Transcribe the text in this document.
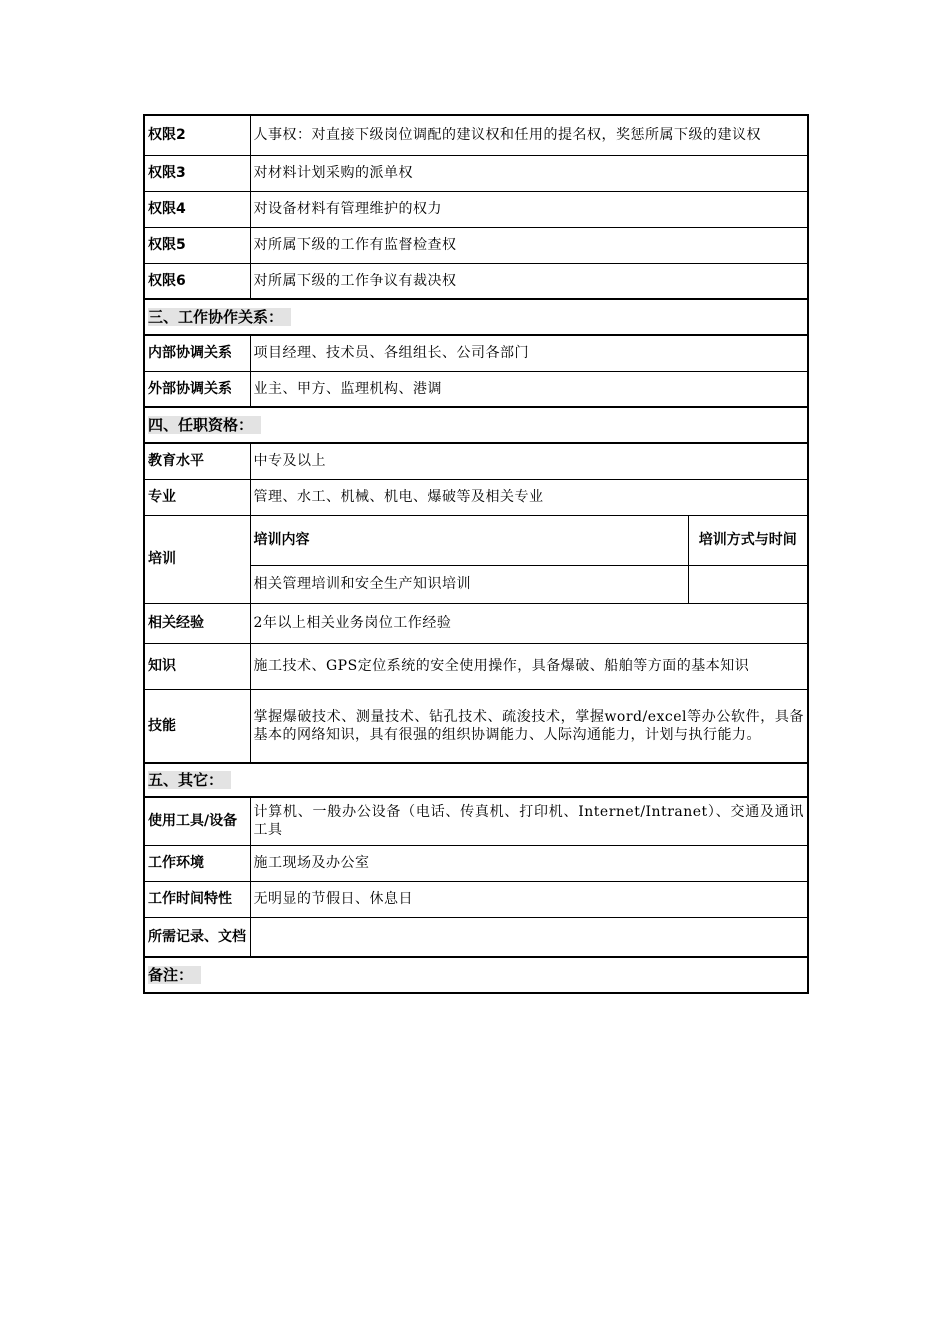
权限2	人事权：对直接下级岗位调配的建议权和任用的提名权，奖惩所属下级的建议权	
权限3	对材料计划采购的派单权	
权限4	对设备材料有管理维护的权力	
权限5	对所属下级的工作有监督检查权	
权限6	对所属下级的工作争议有裁决权	
三、工作协作关系：		
内部协调关系	项目经理、技术员、各组组长、公司各部门	
外部协调关系	业主、甲方、监理机构、港调	
四、任职资格：		
教育水平	中专及以上	
专业	管理、水工、机械、机电、爆破等及相关专业	
培训	培训内容	培训方式与时间
	相关管理培训和安全生产知识培训	
相关经验	2年以上相关业务岗位工作经验	
知识	施工技术、GPS定位系统的安全使用操作，具备爆破、船舶等方面的基本知识	
技能	掌握爆破技术、测量技术、钻孔技术、疏浚技术，掌握word/excel等办公软件，具备基本的网络知识，具有很强的组织协调能力、人际沟通能力，计划与执行能力。	
五、其它：		
使用工具/设备	计算机、一般办公设备（电话、传真机、打印机、Internet/Intranet）、交通及通讯工具	
工作环境	施工现场及办公室	
工作时间特性	无明显的节假日、休息日	
所需记录、文档		
备注：		
